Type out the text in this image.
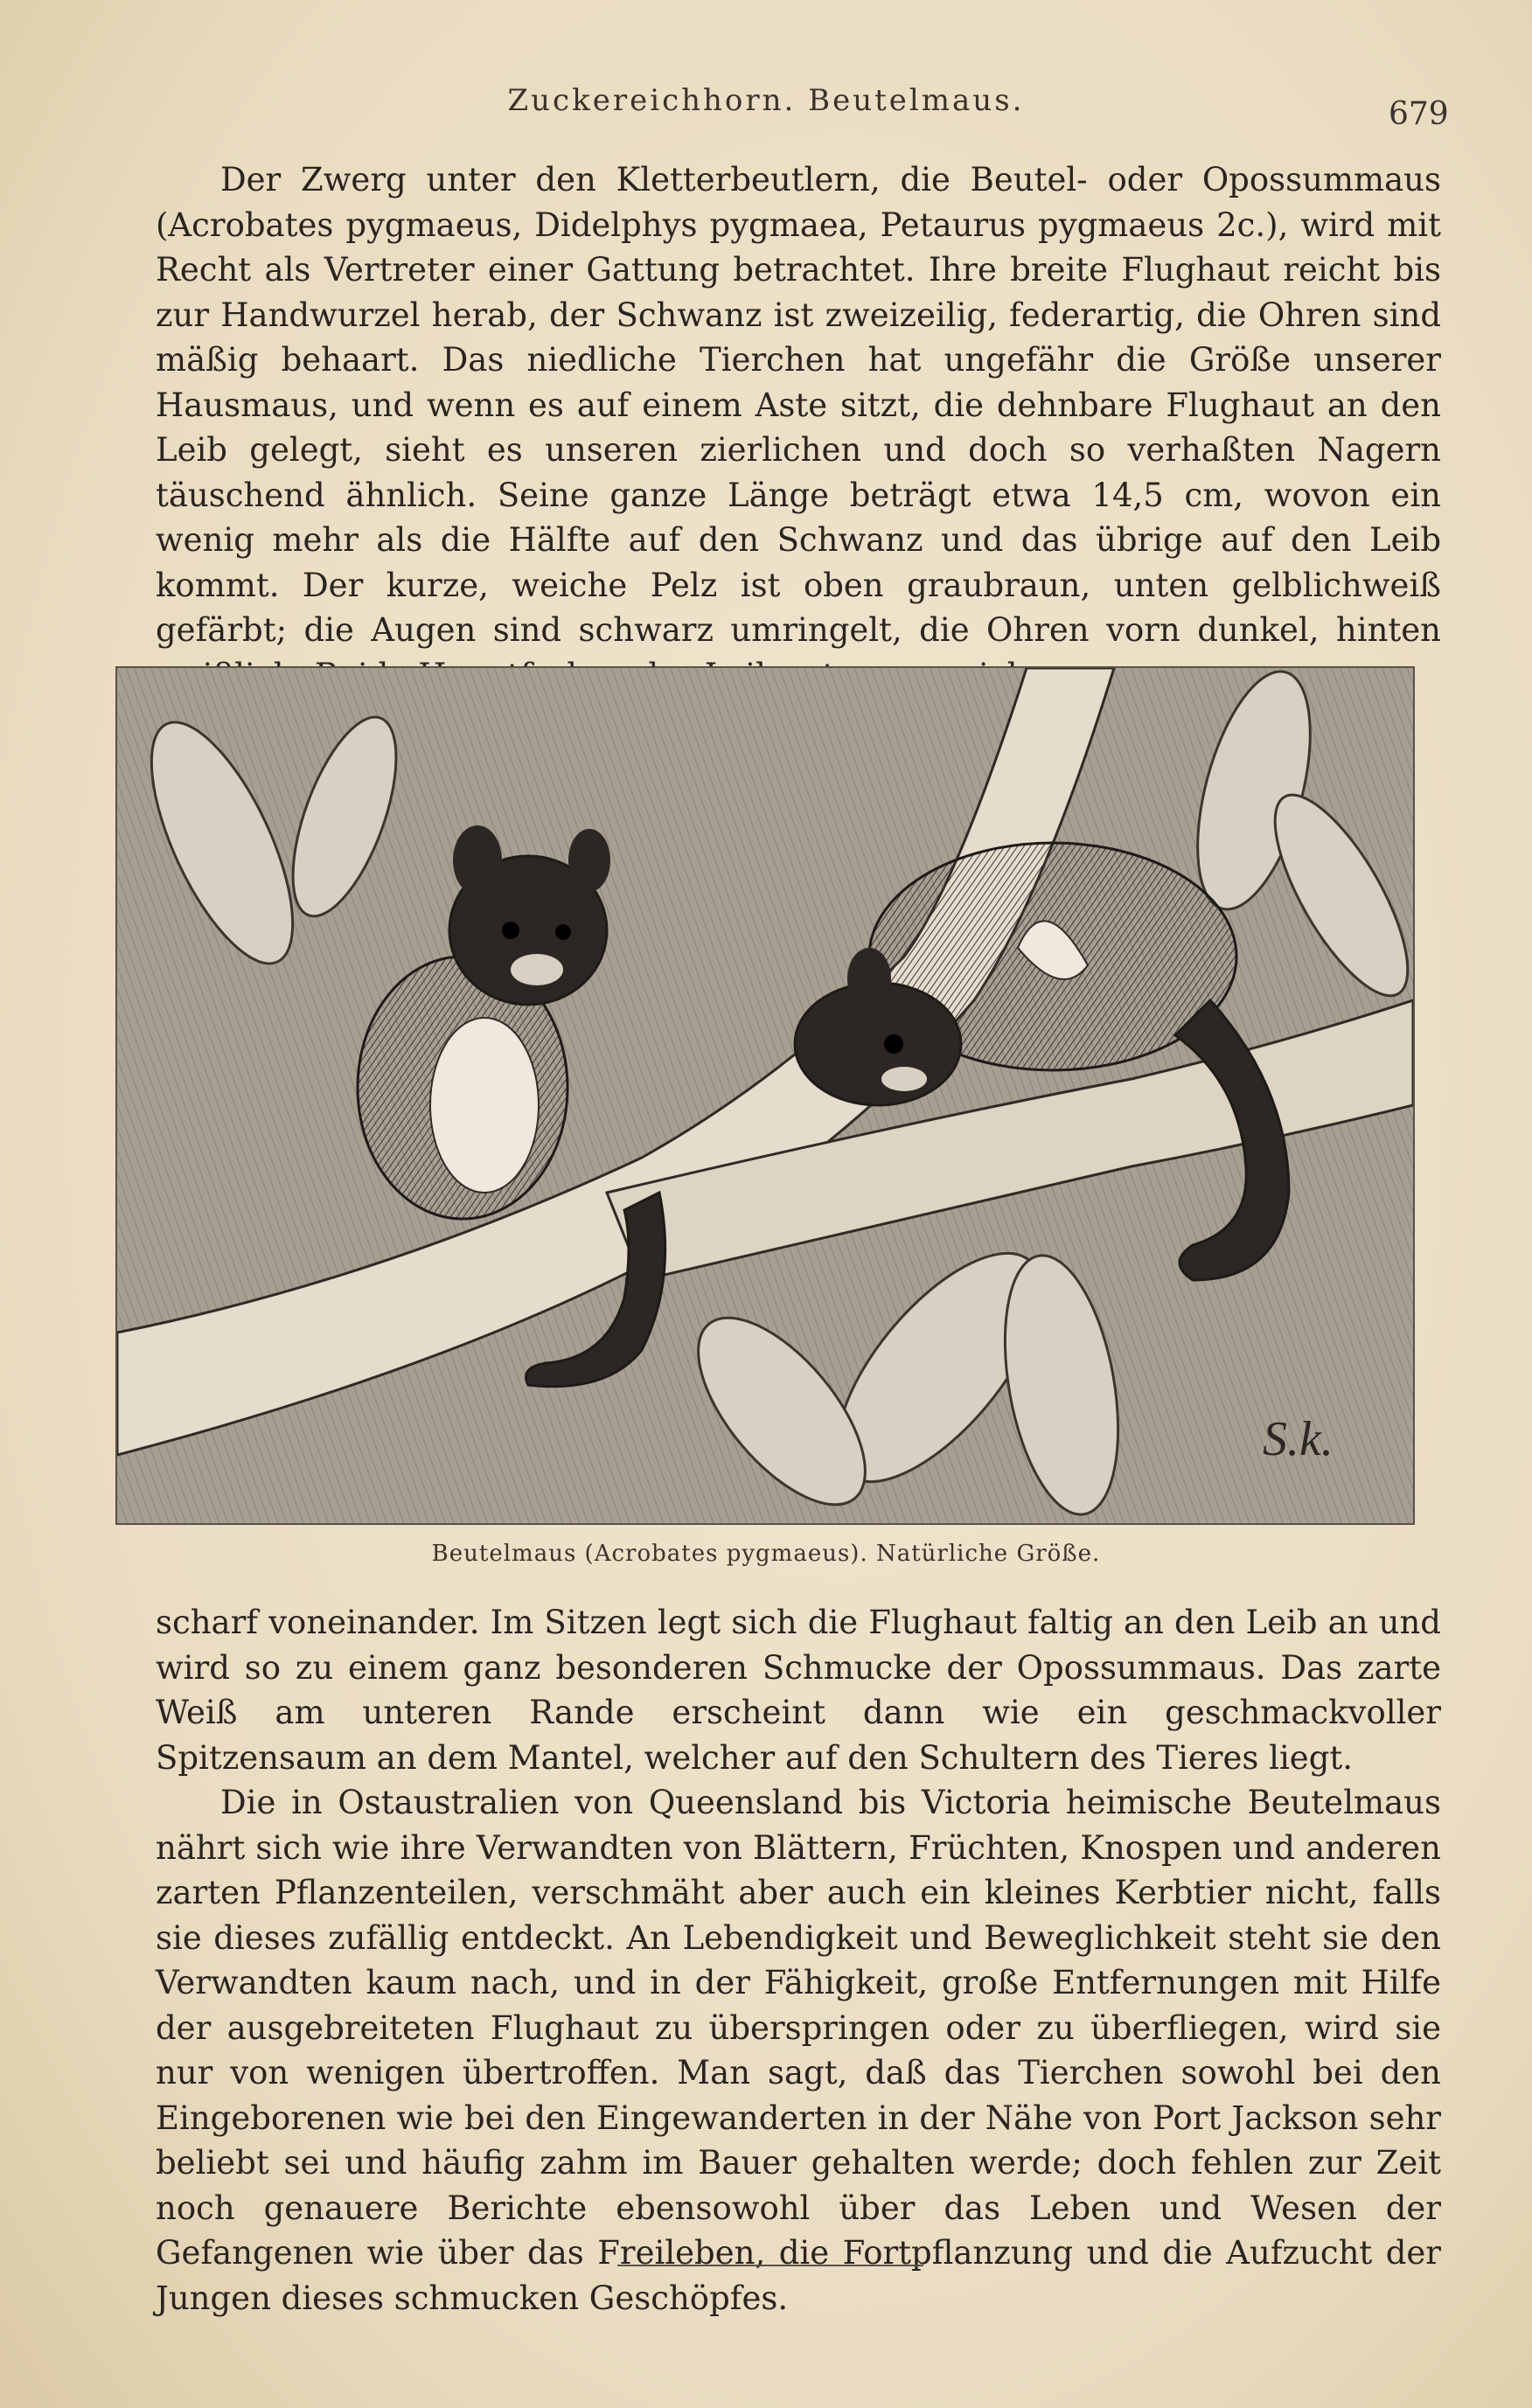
Zuckereichhorn. Beutelmaus.	679

Der Zwerg unter den Kletterbeutlern, die Beutel- oder Opossummaus (Acrobates pygmaeus, Didelphys pygmaea, Petaurus pygmaeus 2c.), wird mit Recht als Vertreter einer Gattung betrachtet. Ihre breite Flughaut reicht bis zur Handwurzel herab, der Schwanz ist zweizeilig, federartig, die Ohren sind mäßig behaart. Das niedliche Tierchen hat ungefähr die Größe unserer Hausmaus, und wenn es auf einem Aste sitzt, die dehnbare Flughaut an den Leib gelegt, sieht es unseren zierlichen und doch so verhaßten Nagern täuschend ähnlich. Seine ganze Länge beträgt etwa 14,5 cm, wovon ein wenig mehr als die Hälfte auf den Schwanz und das übrige auf den Leib kommt. Der kurze, weiche Pelz ist oben graubraun, unten gelblichweiß gefärbt; die Augen sind schwarz umringelt, die Ohren vorn dunkel, hinten

S.k.
Beutelmaus (Acrobates pygmaeus). Natürliche Größe.

scharf voneinander. Im Sitzen legt sich die Flughaut faltig an den Leib an und wird so zu einem ganz besonderen Schmucke der Opossummaus. Das zarte Weiß am unteren Rande erscheint dann wie ein geschmackvoller Spitzensaum an dem Mantel, welcher auf den Schultern des Tieres liegt.

Die in Ostaustralien von Queensland bis Victoria heimische Beutelmaus nährt sich wie ihre Verwandten von Blättern, Früchten, Knospen und anderen zarten Pflanzenteilen, verschmäht aber auch ein kleines Kerbtier nicht, falls sie dieses zufällig entdeckt. An Lebendigkeit und Beweglichkeit steht sie den Verwandten kaum nach, und in der Fähigkeit, große Entfernungen mit Hilfe der ausgebreiteten Flughaut zu überspringen oder zu überfliegen, wird sie nur von wenigen übertroffen. Man sagt, daß das Tierchen sowohl bei den Eingeborenen wie bei den Eingewanderten in der Nähe von Port Jackson sehr beliebt sei und häufig zahm im Bauer gehalten werde; doch fehlen zur Zeit noch genauere Berichte ebensowohl über das Leben und Wesen der Gefangenen wie über das Freileben, die Fortpflanzung und die Aufzucht der Jungen dieses schmucken Geschöpfes.
